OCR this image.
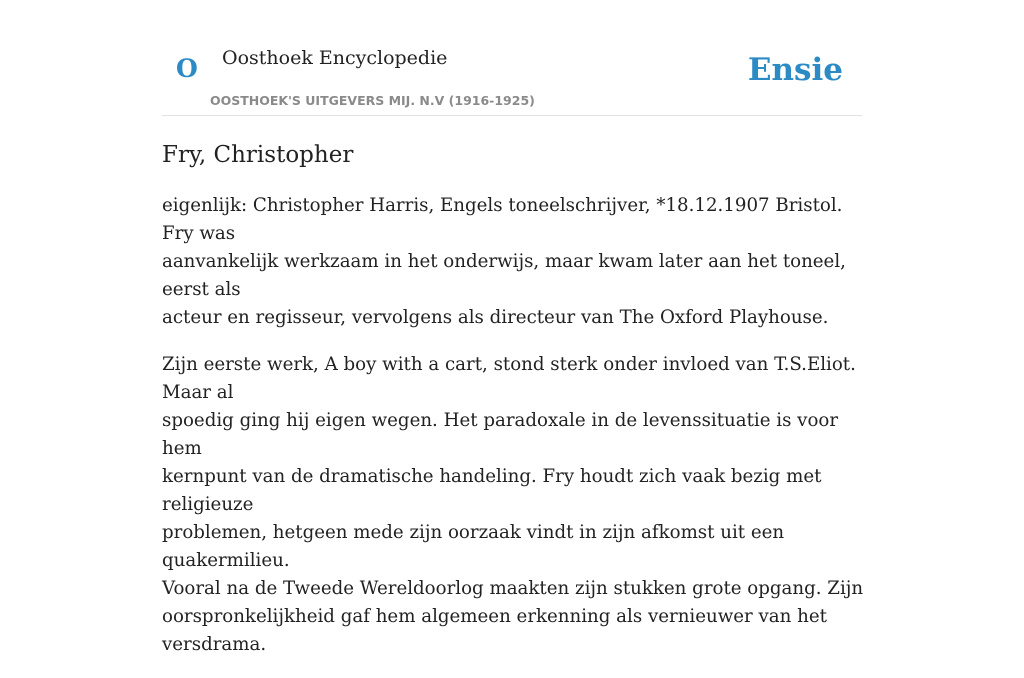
O Oosthoek Encyclopedie
OOSTHOEK'S UITGEVERS MIJ. N.V (1916-1925)
Ensie
Fry, Christopher

eigenlijk: Christopher Harris, Engels toneelschrijver, *18.12.1907 Bristol. Fry was
aanvankelijk werkzaam in het onderwijs, maar kwam later aan het toneel, eerst als
acteur en regisseur, vervolgens als directeur van The Oxford Playhouse.

Zijn eerste werk, A boy with a cart, stond sterk onder invloed van T.S.Eliot. Maar al
spoedig ging hij eigen wegen. Het paradoxale in de levenssituatie is voor hem
kernpunt van de dramatische handeling. Fry houdt zich vaak bezig met religieuze
problemen, hetgeen mede zijn oorzaak vindt in zijn afkomst uit een quakermilieu.
Vooral na de Tweede Wereldoorlog maakten zijn stukken grote opgang. Zijn
oorspronkelijkheid gaf hem algemeen erkenning als vernieuwer van het
versdrama.
